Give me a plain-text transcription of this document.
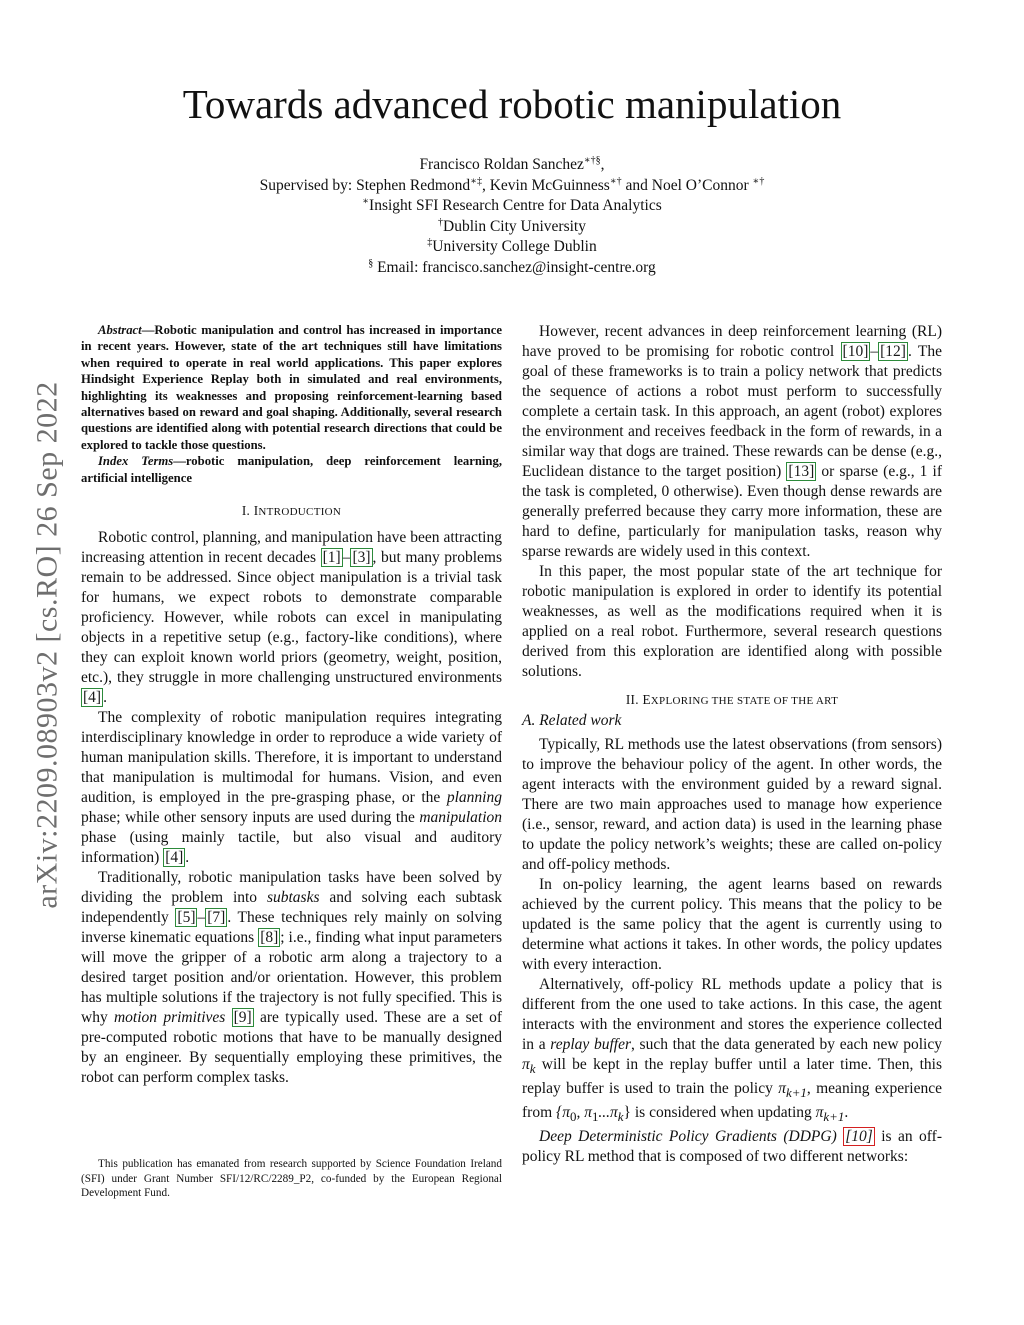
arXiv:2209.08903v2 [cs.RO] 26 Sep 2022
Towards advanced robotic manipulation
Francisco Roldan Sanchez∗†§,
Supervised by: Stephen Redmond∗‡, Kevin McGuinness∗† and Noel O’Connor ∗†
∗Insight SFI Research Centre for Data Analytics
†Dublin City University
‡University College Dublin
§ Email: francisco.sanchez@insight-centre.org

Abstract—Robotic manipulation and control has increased in importance in recent years. However, state of the art techniques still have limitations when required to operate in real world applications. This paper explores Hindsight Experience Replay both in simulated and real environments, highlighting its weaknesses and proposing reinforcement-learning based alternatives based on reward and goal shaping. Additionally, several research questions are identified along with potential research directions that could be explored to tackle those questions.

Index Terms—robotic manipulation, deep reinforcement learning, artificial intelligence

I. INTRODUCTION

Robotic control, planning, and manipulation have been attracting increasing attention in recent decades [1] – [3] , but many problems remain to be addressed. Since object manipulation is a trivial task for humans, we expect robots to demonstrate comparable proficiency. However, while robots can excel in manipulating objects in a repetitive setup (e.g., factory-like conditions), where they can exploit known world priors (geometry, weight, position, etc.), they struggle in more challenging unstructured environments [4] .

The complexity of robotic manipulation requires integrating interdisciplinary knowledge in order to reproduce a wide variety of human manipulation skills. Therefore, it is important to understand that manipulation is multimodal for humans. Vision, and even audition, is employed in the pre-grasping phase, or the planning phase; while other sensory inputs are used during the manipulation phase (using mainly tactile, but also visual and auditory information) [4] .

Traditionally, robotic manipulation tasks have been solved by dividing the problem into subtasks and solving each subtask independently [5] – [7] . These techniques rely mainly on solving inverse kinematic equations [8] ; i.e., finding what input parameters will move the gripper of a robotic arm along a trajectory to a desired target position and/or orientation. However, this problem has multiple solutions if the trajectory is not fully specified. This is why motion primitives [9] are typically used. These are a set of pre-computed robotic motions that have to be manually designed by an engineer. By sequentially employing these primitives, the robot can perform complex tasks.

This publication has emanated from research supported by Science Foundation Ireland (SFI) under Grant Number SFI/12/RC/2289_P2, co-funded by the European Regional Development Fund.

However, recent advances in deep reinforcement learning (RL) have proved to be promising for robotic control [10] – [12] . The goal of these frameworks is to train a policy network that predicts the sequence of actions a robot must perform to successfully complete a certain task. In this approach, an agent (robot) explores the environment and receives feedback in the form of rewards, in a similar way that dogs are trained. These rewards can be dense (e.g., Euclidean distance to the target position) [13] or sparse (e.g., 1 if the task is completed, 0 otherwise). Even though dense rewards are generally preferred because they carry more information, these are hard to define, particularly for manipulation tasks, reason why sparse rewards are widely used in this context.

In this paper, the most popular state of the art technique for robotic manipulation is explored in order to identify its potential weaknesses, as well as the modifications required when it is applied on a real robot. Furthermore, several research questions derived from this exploration are identified along with possible solutions.

II. EXPLORING THE STATE OF THE ART

A. Related work

Typically, RL methods use the latest observations (from sensors) to improve the behaviour policy of the agent. In other words, the agent interacts with the environment guided by a reward signal. There are two main approaches used to manage how experience (i.e., sensor, reward, and action data) is used in the learning phase to update the policy network’s weights; these are called on-policy and off-policy methods.

In on-policy learning, the agent learns based on rewards achieved by the current policy. This means that the policy to be updated is the same policy that the agent is currently using to determine what actions it takes. In other words, the policy updates with every interaction.

Alternatively, off-policy RL methods update a policy that is different from the one used to take actions. In this case, the agent interacts with the environment and stores the experience collected in a replay buffer, such that the data generated by each new policy $\pi_k$ will be kept in the replay buffer until a later time. Then, this replay buffer is used to train the policy $\pi_{k+1}$, meaning experience from {$\pi_0$, $\pi_1...\pi_k$} is considered when updating $\pi_{k+1}$.

Deep Deterministic Policy Gradients (DDPG) [10] is an off-policy RL method that is composed of two different networks:
